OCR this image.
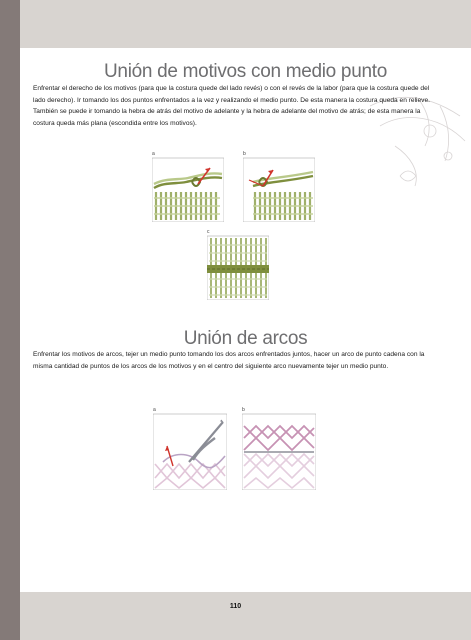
Unión de motivos con medio punto

Enfrentar el derecho de los motivos (para que la costura quede del lado revés) o con el revés de la labor (para que la costura quede del lado derecho). Ir tomando los dos puntos enfrentados a la vez y realizando el medio punto. De esta manera la costura queda en relieve. También se puede ir tomando la hebra de atrás del motivo de adelante y la hebra de adelante del motivo de atrás; de esta manera la costura queda más plana (escondida entre los motivos).

a	b
c
Unión de arcos

Enfrentar los motivos de arcos, tejer un medio punto tomando los dos arcos enfrentados juntos, hacer un arco de punto cadena con la misma cantidad de puntos de los arcos de los motivos y en el centro del siguiente arco nuevamente tejer un medio punto.

a	b
110
